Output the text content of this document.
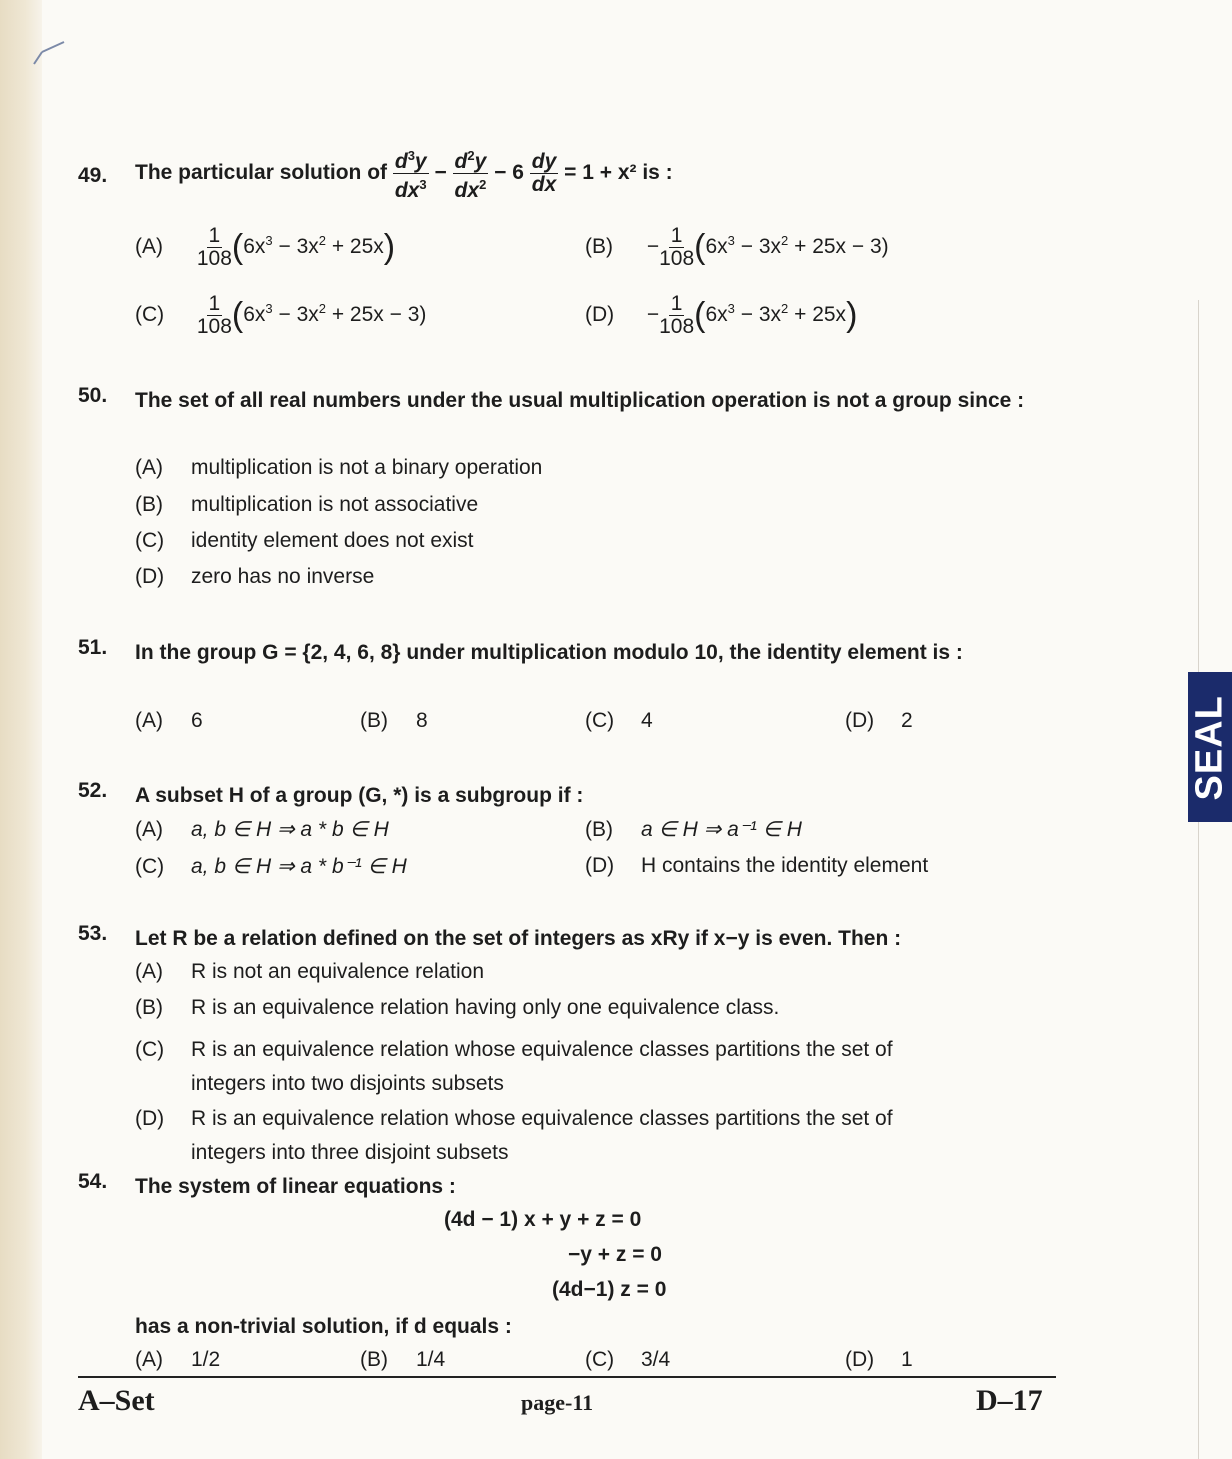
49. The particular solution of $\frac{d^3y}{dx^3} - \frac{d^2y}{dx^2} - 6 \frac{dy}{dx} = 1 + x^2$ is :
$(A) \frac{1}{108} (6x^3 - 3x^2 + 25x)$	$(B) - \frac{1}{108} (6x^3 - 3x^2 + 25x - 3)$
$(C) \frac{1}{108} (6x^3 - 3x^2 + 25x - 3)$	$(D) - \frac{1}{108} (6x^3 - 3x^2 + 25x)$
50. The set of all real numbers under the usual multiplication operation is not a group since :
(A) multiplication is not a binary operation
(B) multiplication is not associative
(C) identity element does not exist
(D) zero has no inverse
51. In the group G = {2, 4, 6, 8} under multiplication modulo 10, the identity element is :
(A) 6	(B) 8	(C) 4	(D) 2
52. A subset H of a group (G, *) is a subgroup if :
(A) a, b ∈ H ⇒ a * b ∈ H	(B) a ∈ H ⇒ a⁻¹ ∈ H
(C) a, b ∈ H ⇒ a * b⁻¹ ∈ H	(D) H contains the identity element
53. Let R be a relation defined on the set of integers as xRy if x−y is even. Then :
(A) R is not an equivalence relation
(B) R is an equivalence relation having only one equivalence class.
(C) R is an equivalence relation whose equivalence classes partitions the set of
integers into two disjoints subsets
(D) R is an equivalence relation whose equivalence classes partitions the set of
integers into three disjoint subsets
54. The system of linear equations :
(4d − 1) x + y + z = 0
−y + z = 0
(4d−1) z = 0
has a non-trivial solution, if d equals :
(A) 1/2	(B) 1/4	(C) 3/4	(D) 1
A–Set	page-11	D–17
SEAL
